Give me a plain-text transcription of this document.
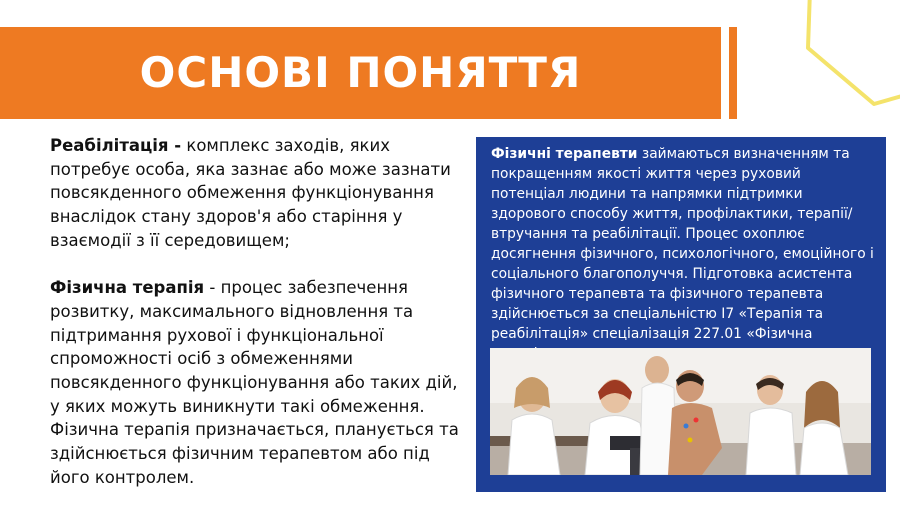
ОСНОВІ ПОНЯТТЯ

Реабілітація - комплекс заходів, яких потребує особа, яка зазнає або може зазнати повсякденного обмеження функціонування внаслідок стану здоров'я або старіння у взаємодії з її середовищем;

Фізична терапія - процес забезпечення розвитку, максимального відновлення та підтримання рухової і функціональної спроможності осіб з обмеженнями повсякденного функціонування або таких дій, у яких можуть виникнути такі обмеження. Фізична терапія призначається, планується та здійснюється фізичним терапевтом або під його контролем.

Фізичні терапевти займаються визначенням та покращенням якості життя через руховий потенціал людини та напрямки підтримки здорового способу життя, профілактики, терапії/втручання та реабілітації. Процес охоплює досягнення фізичного, психологічного, емоційного і соціального благополуччя. Підготовка асистента фізичного терапевта та фізичного терапевта здійснюється за спеціальністю І7 «Терапія та реабілітація» спеціалізація 227.01 «Фізична
